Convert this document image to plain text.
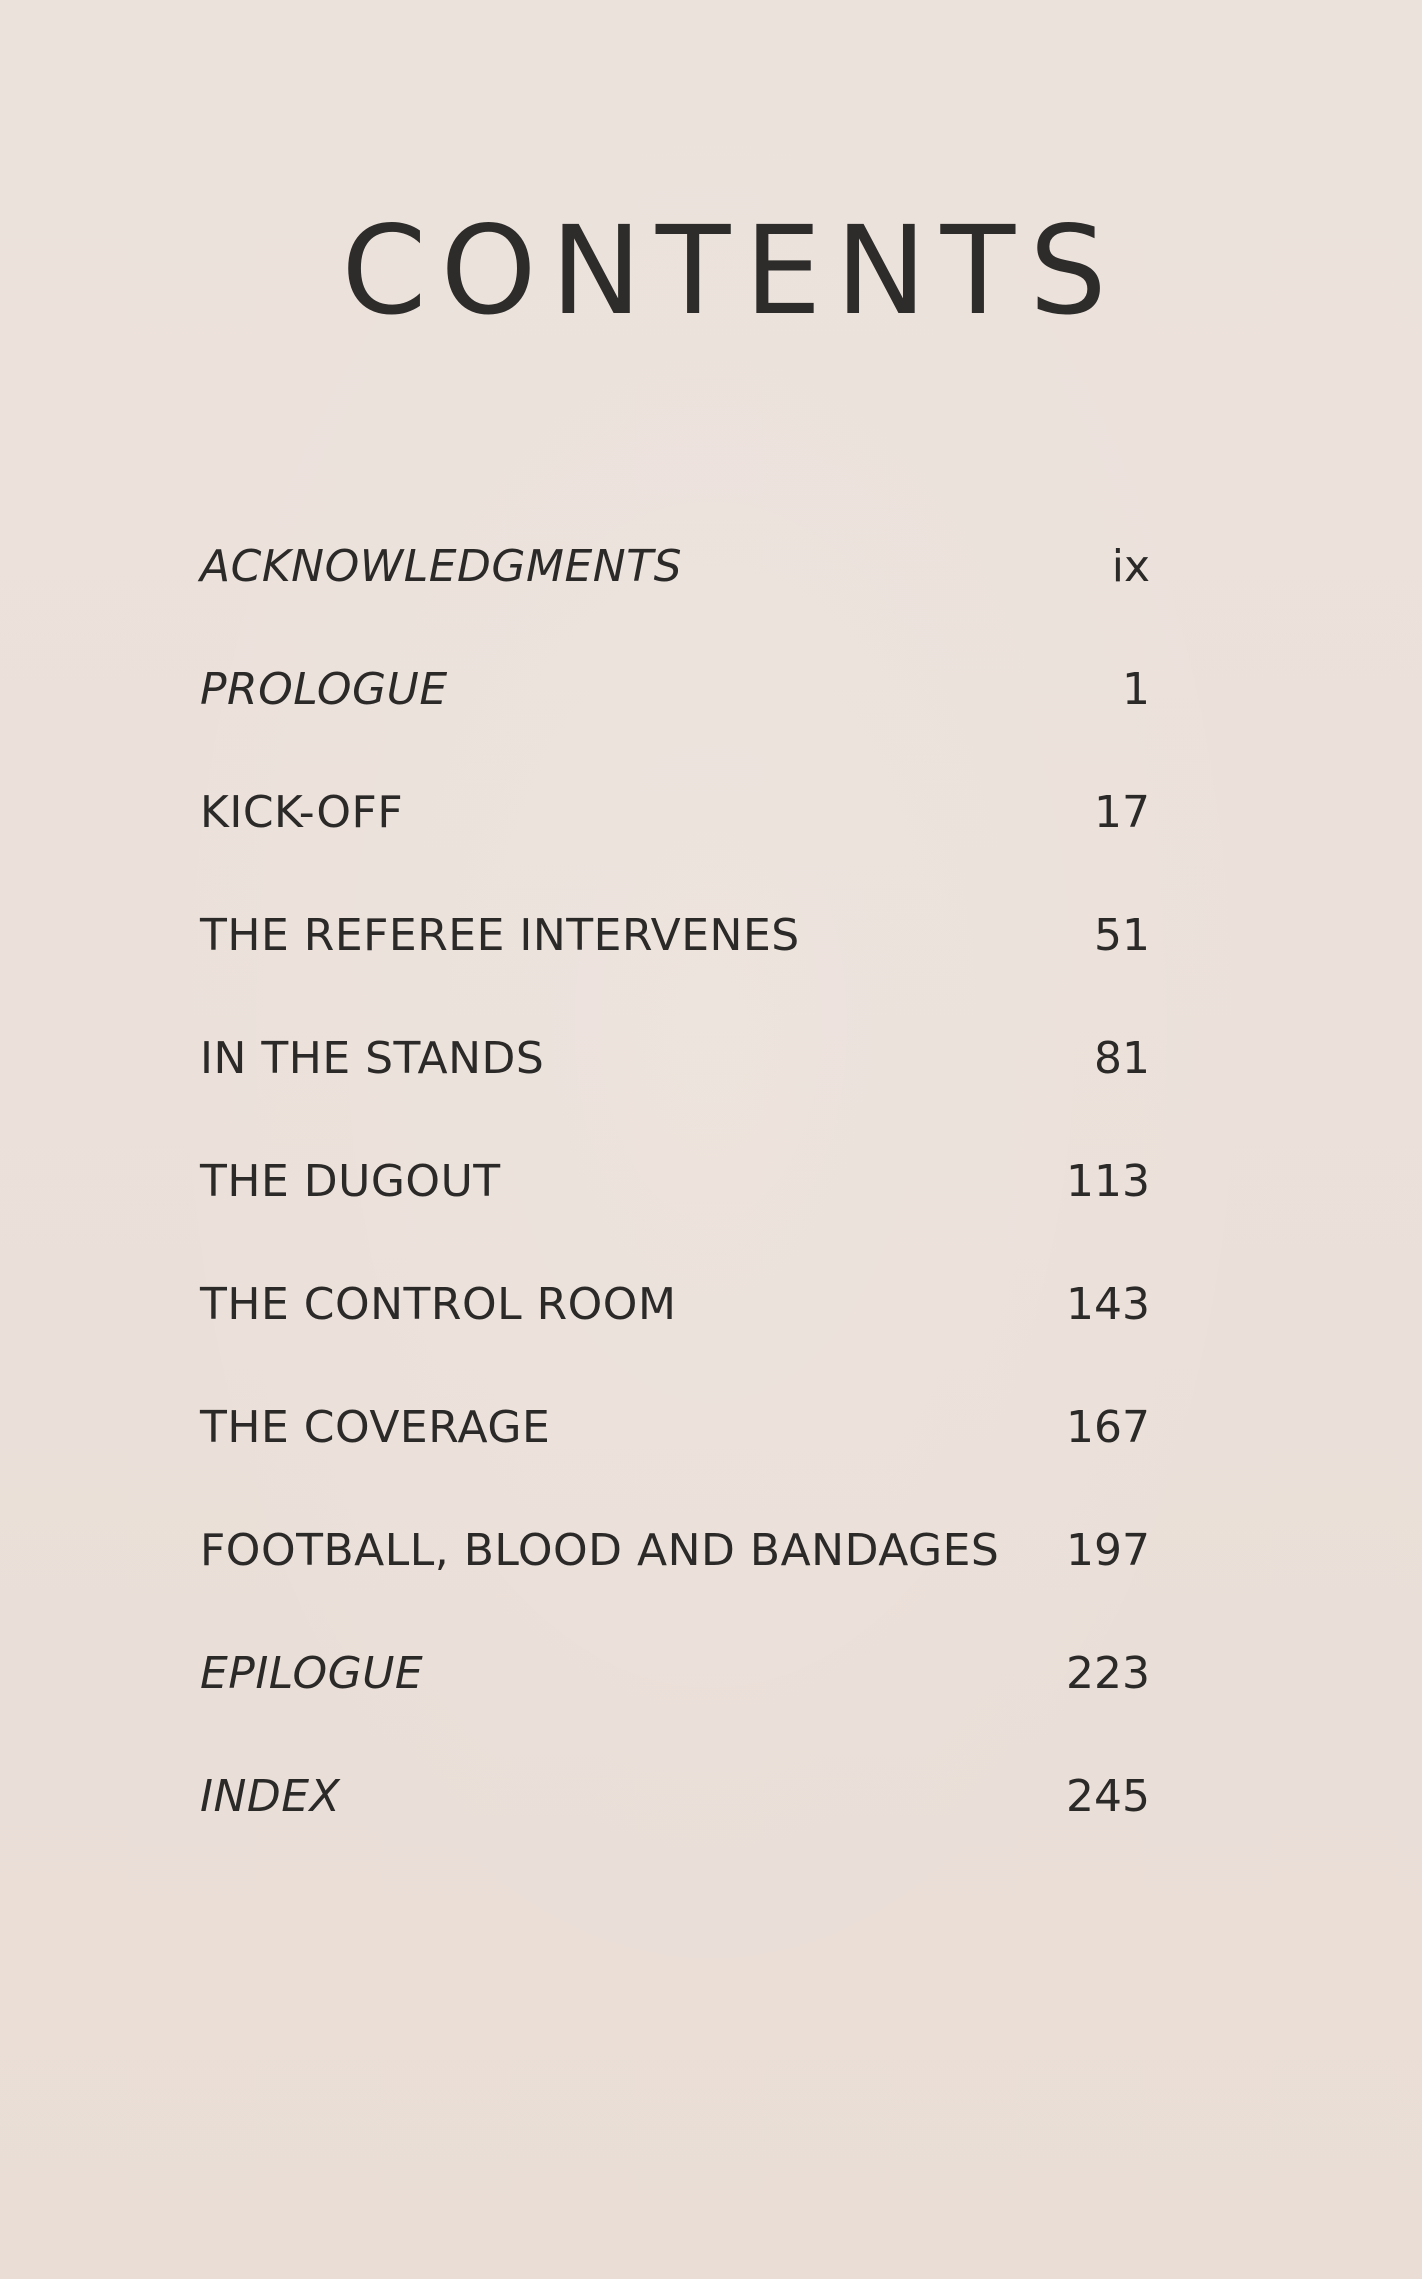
CONTENTS
ACKNOWLEDGMENTS	ix
PROLOGUE	1
KICK-OFF	17
THE REFEREE INTERVENES	51
IN THE STANDS	81
THE DUGOUT	113
THE CONTROL ROOM	143
THE COVERAGE	167
FOOTBALL, BLOOD AND BANDAGES 197
EPILOGUE	223
INDEX	245
